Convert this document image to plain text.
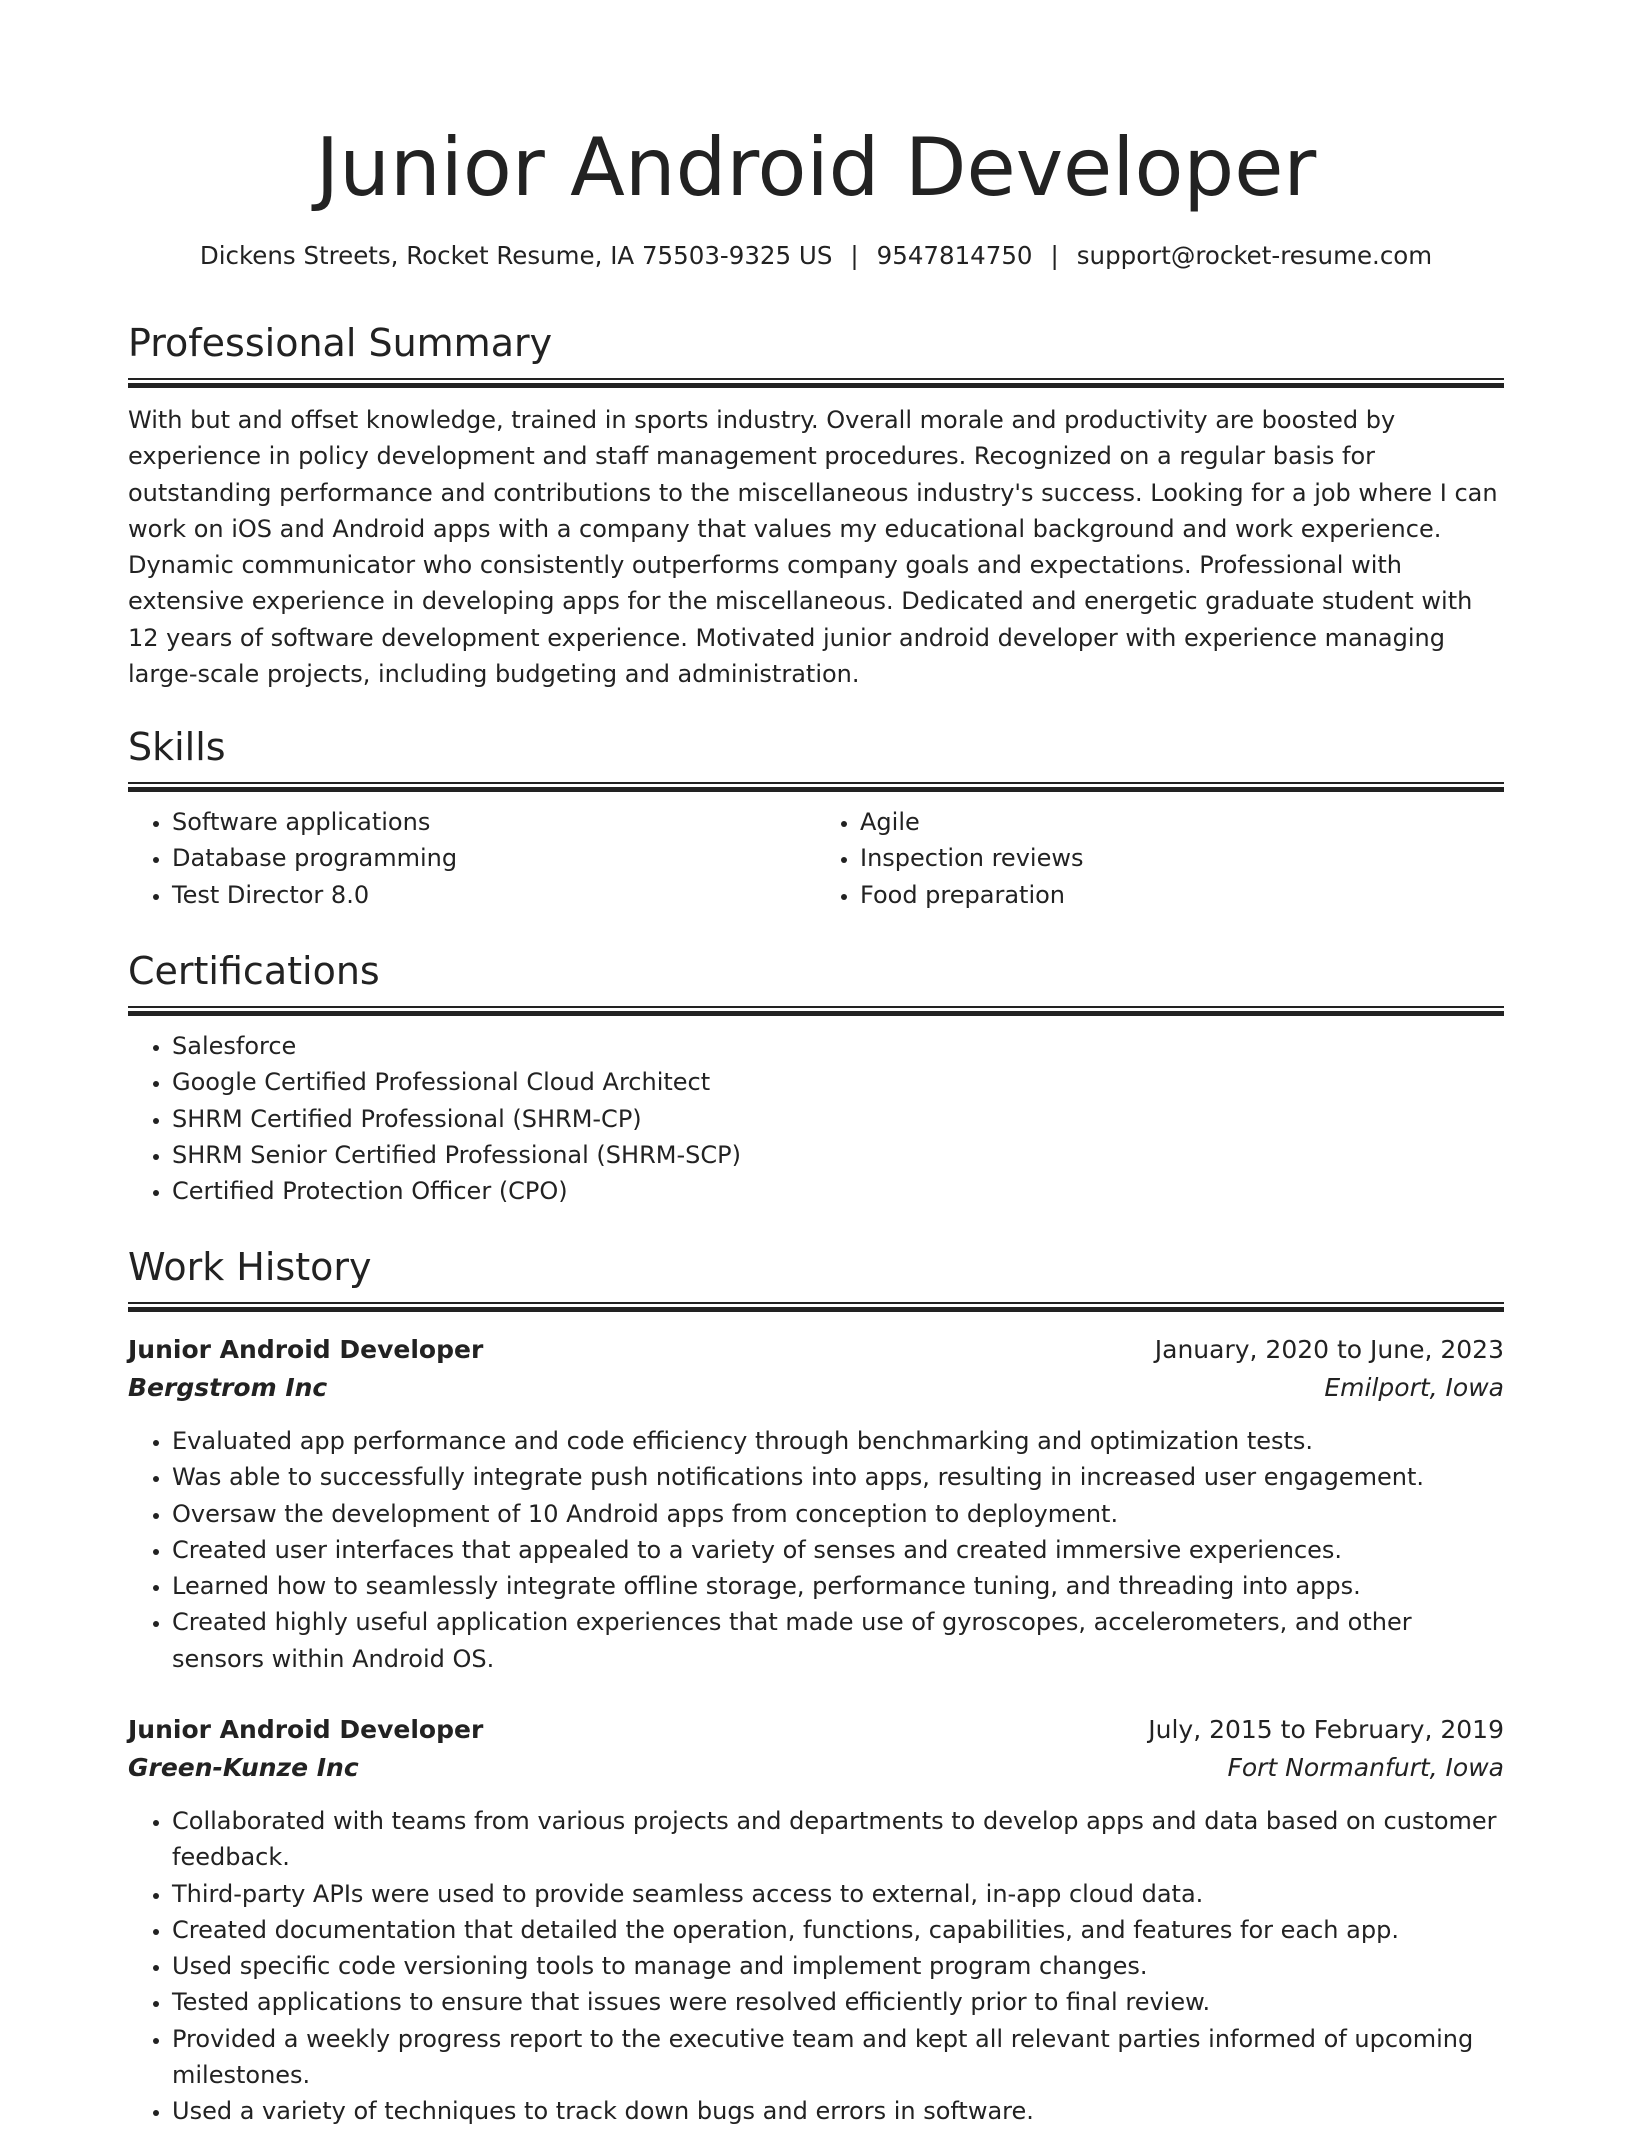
Junior Android Developer
Dickens Streets, Rocket Resume, IA 75503-9325 US | 9547814750 | support@rocket-resume.com
Professional Summary
With but and offset knowledge, trained in sports industry. Overall morale and productivity are boosted by experience in policy development and staff management procedures. Recognized on a regular basis for outstanding performance and contributions to the miscellaneous industry's success. Looking for a job where I can work on iOS and Android apps with a company that values my educational background and work experience. Dynamic communicator who consistently outperforms company goals and expectations. Professional with extensive experience in developing apps for the miscellaneous. Dedicated and energetic graduate student with 12 years of software development experience. Motivated junior android developer with experience managing large-scale projects, including budgeting and administration.
Skills
• Software applications
• Database programming
• Test Director 8.0
• Agile
• Inspection reviews
• Food preparation
Certifications
• Salesforce
• Google Certified Professional Cloud Architect
• SHRM Certified Professional (SHRM-CP)
• SHRM Senior Certified Professional (SHRM-SCP)
• Certified Protection Officer (CPO)
Work History
Junior Android Developer	January, 2020 to June, 2023
Bergstrom Inc	Emilport, Iowa
• Evaluated app performance and code efficiency through benchmarking and optimization tests.
• Was able to successfully integrate push notifications into apps, resulting in increased user engagement.
• Oversaw the development of 10 Android apps from conception to deployment.
• Created user interfaces that appealed to a variety of senses and created immersive experiences.
• Learned how to seamlessly integrate offline storage, performance tuning, and threading into apps.
• Created highly useful application experiences that made use of gyroscopes, accelerometers, and other sensors within Android OS.
Junior Android Developer	July, 2015 to February, 2019
Green-Kunze Inc	Fort Normanfurt, Iowa
• Collaborated with teams from various projects and departments to develop apps and data based on customer feedback.
• Third-party APIs were used to provide seamless access to external, in-app cloud data.
• Created documentation that detailed the operation, functions, capabilities, and features for each app.
• Used specific code versioning tools to manage and implement program changes.
• Tested applications to ensure that issues were resolved efficiently prior to final review.
• Provided a weekly progress report to the executive team and kept all relevant parties informed of upcoming milestones.
• Used a variety of techniques to track down bugs and errors in software.
